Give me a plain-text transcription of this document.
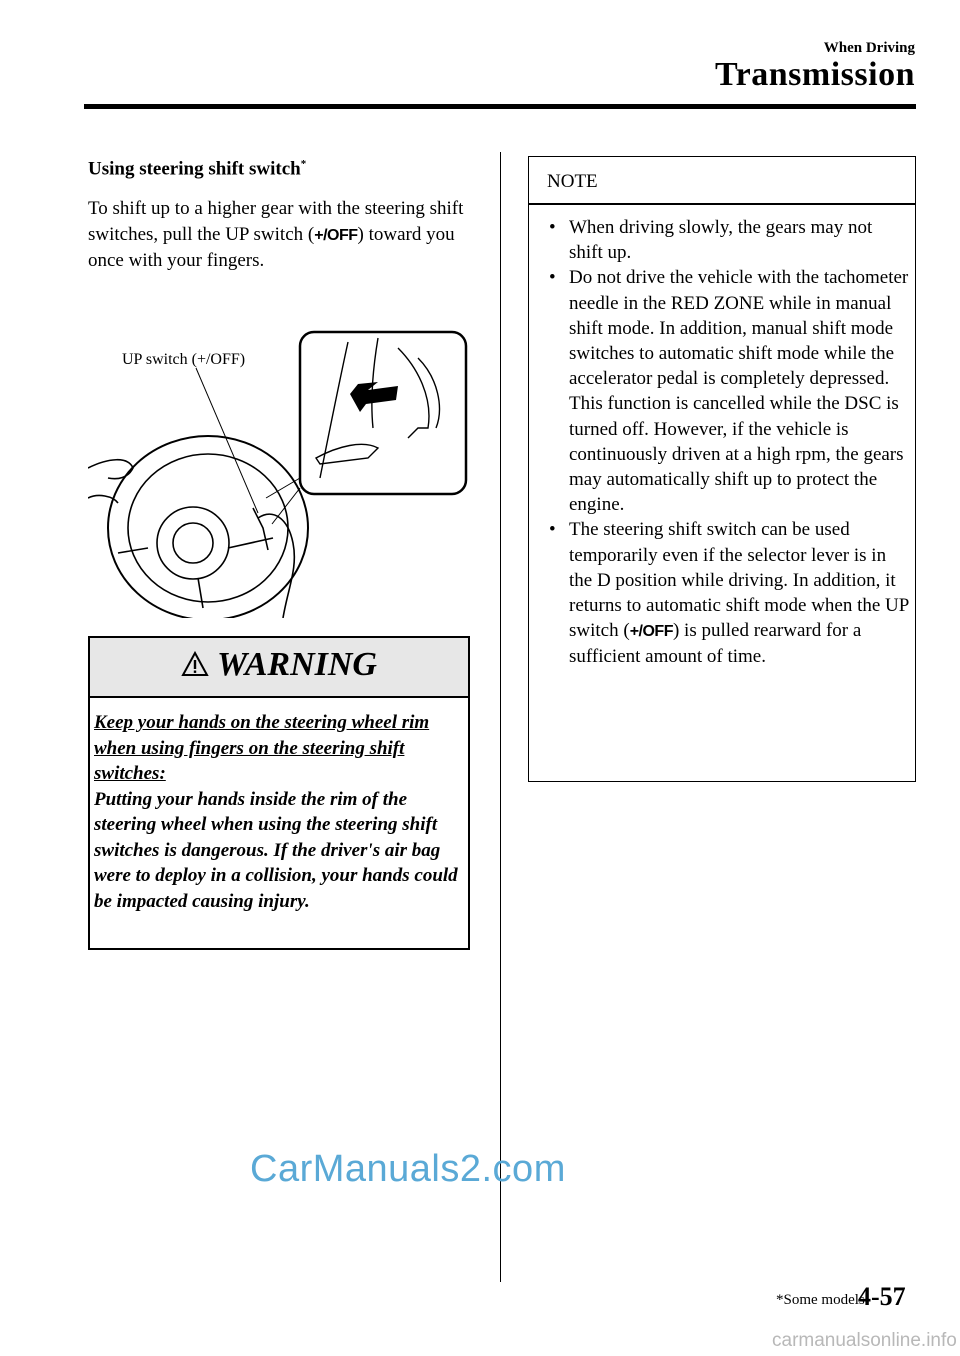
When Driving
Transmission
Using steering shift switch*
To shift up to a higher gear with the steering shift switches, pull the UP switch (+/OFF) toward you once with your fingers.
UP switch (+/OFF)
WARNING
Keep your hands on the steering wheel rim when using fingers on the steering shift switches:
Putting your hands inside the rim of the steering wheel when using the steering shift switches is dangerous. If the driver's air bag were to deploy in a collision, your hands could be impacted causing injury.
NOTE
• When driving slowly, the gears may not shift up.
• Do not drive the vehicle with the tachometer needle in the RED ZONE while in manual shift mode. In addition, manual shift mode switches to automatic shift mode while the accelerator pedal is completely depressed.
This function is cancelled while the DSC is turned off. However, if the vehicle is continuously driven at a high rpm, the gears may automatically shift up to protect the engine.
• The steering shift switch can be used temporarily even if the selector lever is in the D position while driving. In addition, it returns to automatic shift mode when the UP switch (+/OFF) is pulled rearward for a sufficient amount of time.
*Some models.
4-57
CarManuals2.com
carmanualsonline.info
